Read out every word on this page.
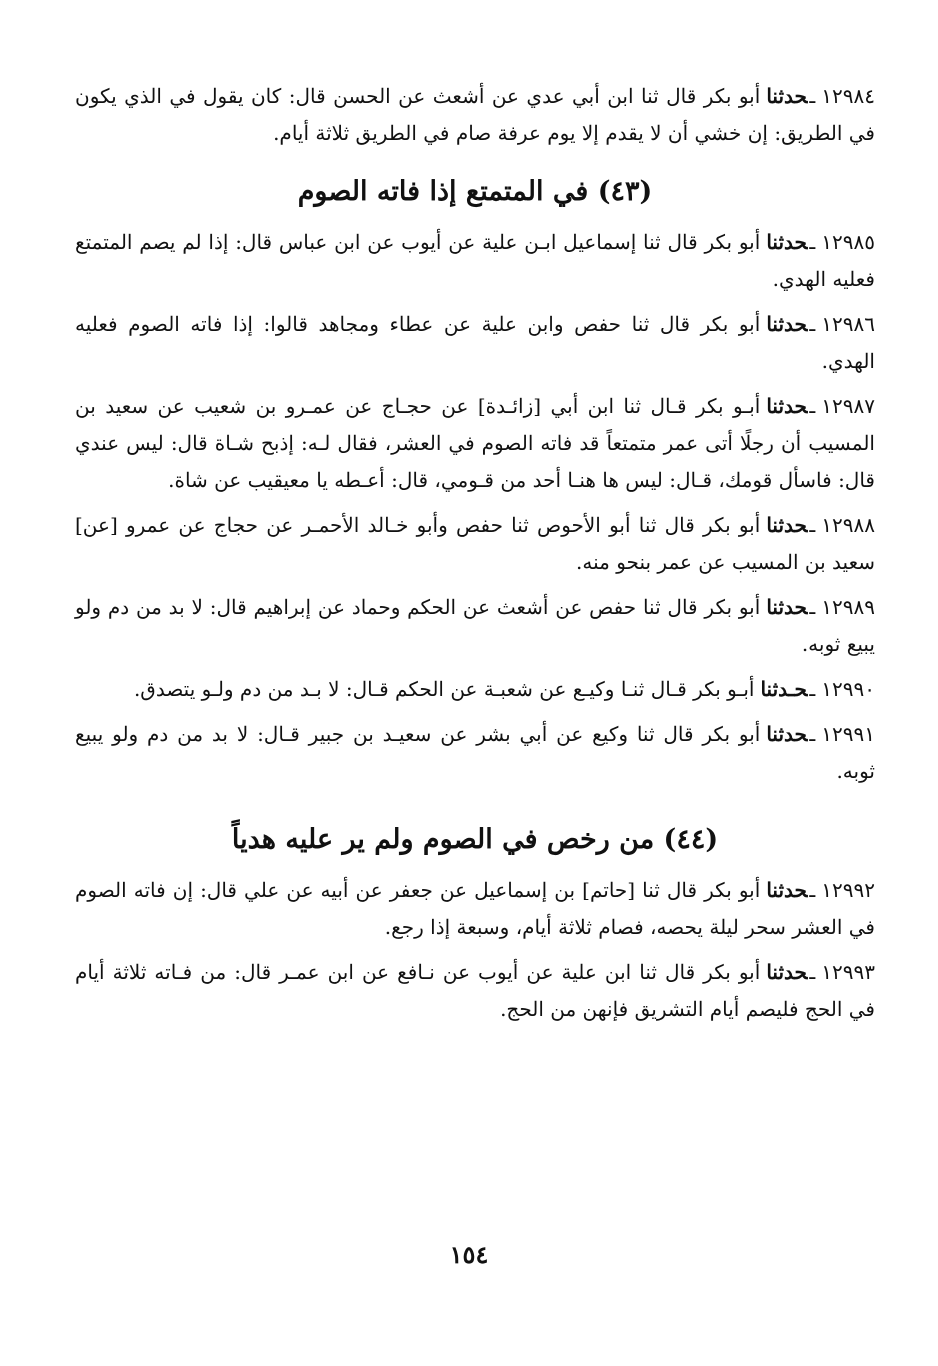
١٢٩٨٤ـحدثناأبو بكر قال ثنا ابن أبي عدي عن أشعث عن الحسن قال: كان يقول في الذي يكون في الطريق: إن خشي أن لا يقدم إلا يوم عرفة صام في الطريق ثلاثة أيام.

(٤٣) في المتمتع إذا فاته الصوم

١٢٩٨٥ـحدثناأبو بكر قال ثنا إسماعيل ابـن علية عن أيوب عن ابن عباس قال: إذا لم يصم المتمتع فعليه الهدي.

١٢٩٨٦ـحدثناأبو بكر قال ثنا حفص وابن علية عن عطاء ومجاهد قالوا: إذا فاته الصوم فعليه الهدي.

١٢٩٨٧ـحدثناأبـو بكر قـال ثنا ابن أبي [زائـدة] عن حجـاج عن عمـرو بن شعيب عن سعيد بن المسيب أن رجلًا أتى عمر متمتعاً قد فاته الصوم في العشر، فقال لـه: إذبح شـاة قال: ليس عندي قال: فاسأل قومك، قـال: ليس ها هنـا أحد من قـومي، قال: أعـطه يا معيقيب عن شاة.

١٢٩٨٨ـحدثناأبو بكر قال ثنا أبو الأحوص ثنا حفص وأبو خـالد الأحمـر عن حجاج عن عمرو [عن] سعيد بن المسيب عن عمر بنحو منه.

١٢٩٨٩ـحدثناأبو بكر قال ثنا حفص عن أشعث عن الحكم وحماد عن إبراهيم قال: لا بد من دم ولو يبيع ثوبه.

١٢٩٩٠ـحـدثناأبـو بكر قـال ثنـا وكيـع عن شعبـة عن الحكم قـال: لا بـد من دم ولـو يتصدق.

١٢٩٩١ـحدثناأبو بكر قال ثنا وكيع عن أبي بشر عن سعيـد بن جبير قـال: لا بد من دم ولو يبيع ثوبه.

(٤٤) من رخص في الصوم ولم ير عليه هدياً

١٢٩٩٢ـحدثناأبو بكر قال ثنا [حاتم] بن إسماعيل عن جعفر عن أبيه عن علي قال: إن فاته الصوم في العشر سحر ليلة يحصه، فصام ثلاثة أيام، وسبعة إذا رجع.

١٢٩٩٣ـحدثناأبو بكر قال ثنا ابن علية عن أيوب عن نـافع عن ابن عمـر قال: من فـاته ثلاثة أيام في الحج فليصم أيام التشريق فإنهن من الحج.

١٥٤
